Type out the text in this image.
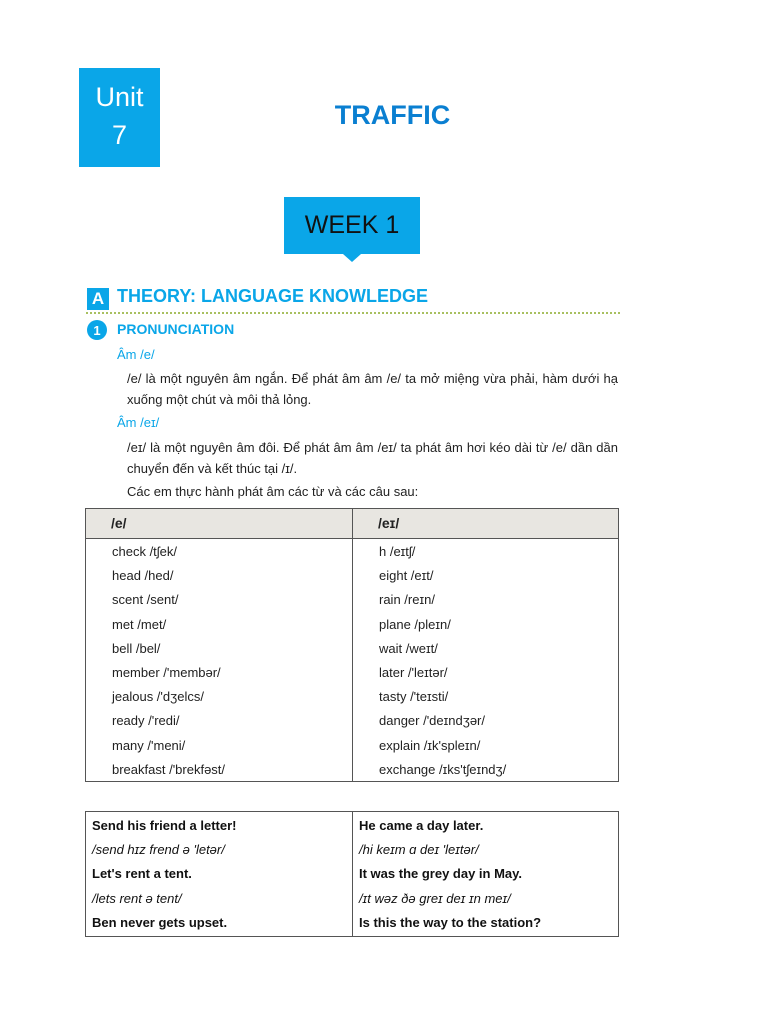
Unit
7
TRAFFIC
WEEK 1
A THEORY: LANGUAGE KNOWLEDGE
1	PRONUNCIATION
Âm /e/
/e/ là một nguyên âm ngắn. Để phát âm âm /e/ ta mở miệng vừa phải, hàm dưới hạ xuống một chút và môi thả lỏng.
Âm /eɪ/
/eɪ/ là một nguyên âm đôi. Để phát âm âm /eɪ/ ta phát âm hơi kéo dài từ /e/ dần dần chuyển đến và kết thúc tại /ɪ/.
Các em thực hành phát âm các từ và các câu sau:
/e/	/eɪ/
check /tʃek/
head /hed/
scent /sent/
met /met/
bell /bel/
member /'membər/
jealous /'dʒelcs/
ready /'redi/
many /'meni/
breakfast /'brekfəst/
h /eɪtʃ/
eight /eɪt/
rain /reɪn/
plane /pleɪn/
wait /weɪt/
later /'leɪtər/
tasty /'teɪsti/
danger /'deɪndʒər/
explain /ɪk'spleɪn/
exchange /ɪks'tʃeɪndʒ/
Send his friend a letter!
/send hɪz frend ə 'letər/
Let's rent a tent.
/lets rent ə tent/
Ben never gets upset.
He came a day later.
/hi keɪm ɑ deɪ 'leɪtər/
It was the grey day in May.
/ɪt wəz ðə greɪ deɪ ɪn meɪ/
Is this the way to the station?
